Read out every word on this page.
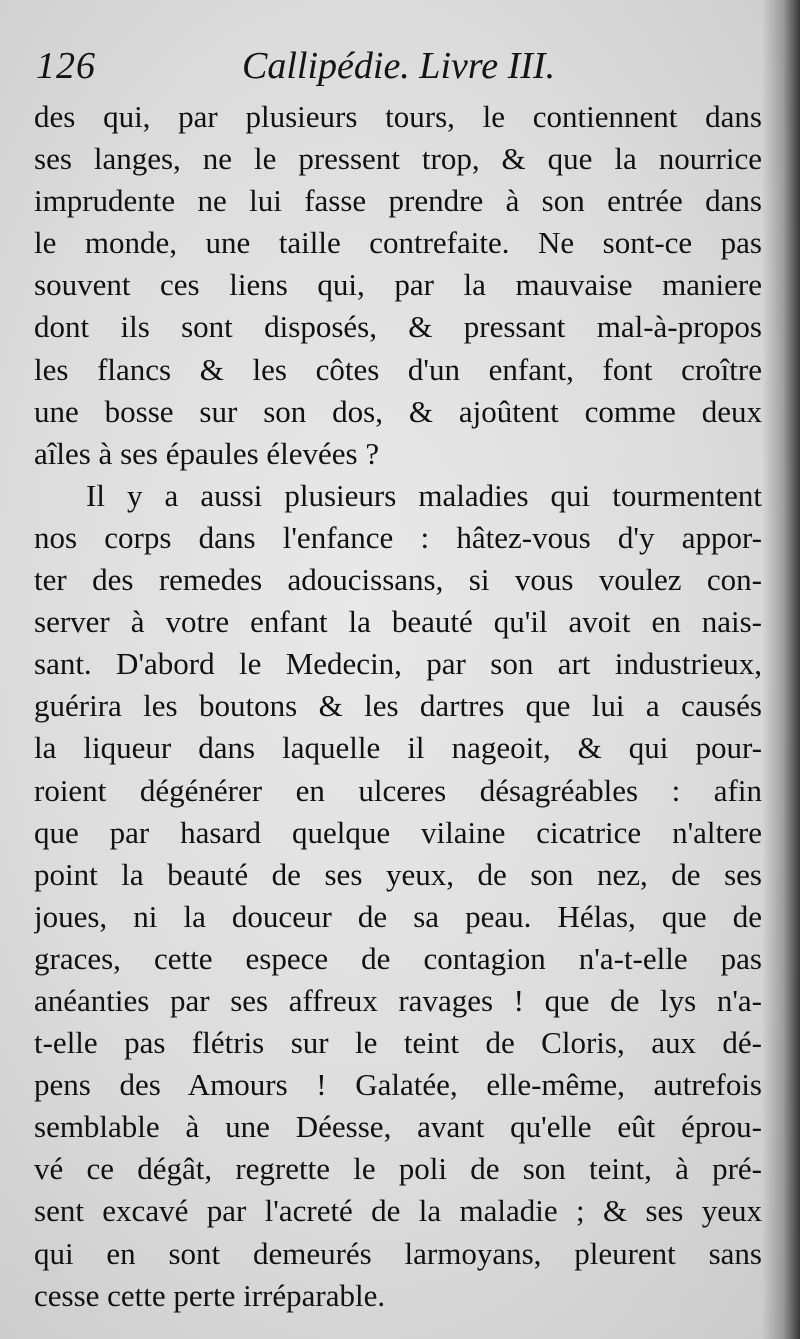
126	Callipédie. Livre III.
des qui, par plusieurs tours, le contiennent dans
ses langes, ne le pressent trop, & que la nourrice
imprudente ne lui fasse prendre à son entrée dans
le monde, une taille contrefaite. Ne sont-ce pas
souvent ces liens qui, par la mauvaise maniere
dont ils sont disposés, & pressant mal-à-propos
les flancs & les côtes d'un enfant, font croître
une bosse sur son dos, & ajoûtent comme deux
aîles à ses épaules élevées ?
Il y a aussi plusieurs maladies qui tourmentent
nos corps dans l'enfance : hâtez-vous d'y appor-
ter des remedes adoucissans, si vous voulez con-
server à votre enfant la beauté qu'il avoit en nais-
sant. D'abord le Medecin, par son art industrieux,
guérira les boutons & les dartres que lui a causés
la liqueur dans laquelle il nageoit, & qui pour-
roient dégénérer en ulceres désagréables : afin
que par hasard quelque vilaine cicatrice n'altere
point la beauté de ses yeux, de son nez, de ses
joues, ni la douceur de sa peau. Hélas, que de
graces, cette espece de contagion n'a-t-elle pas
anéanties par ses affreux ravages ! que de lys n'a-
t-elle pas flétris sur le teint de Cloris, aux dé-
pens des Amours ! Galatée, elle-même, autrefois
semblable à une Déesse, avant qu'elle eût éprou-
vé ce dégât, regrette le poli de son teint, à pré-
sent excavé par l'acreté de la maladie ; & ses yeux
qui en sont demeurés larmoyans, pleurent sans
cesse cette perte irréparable.
